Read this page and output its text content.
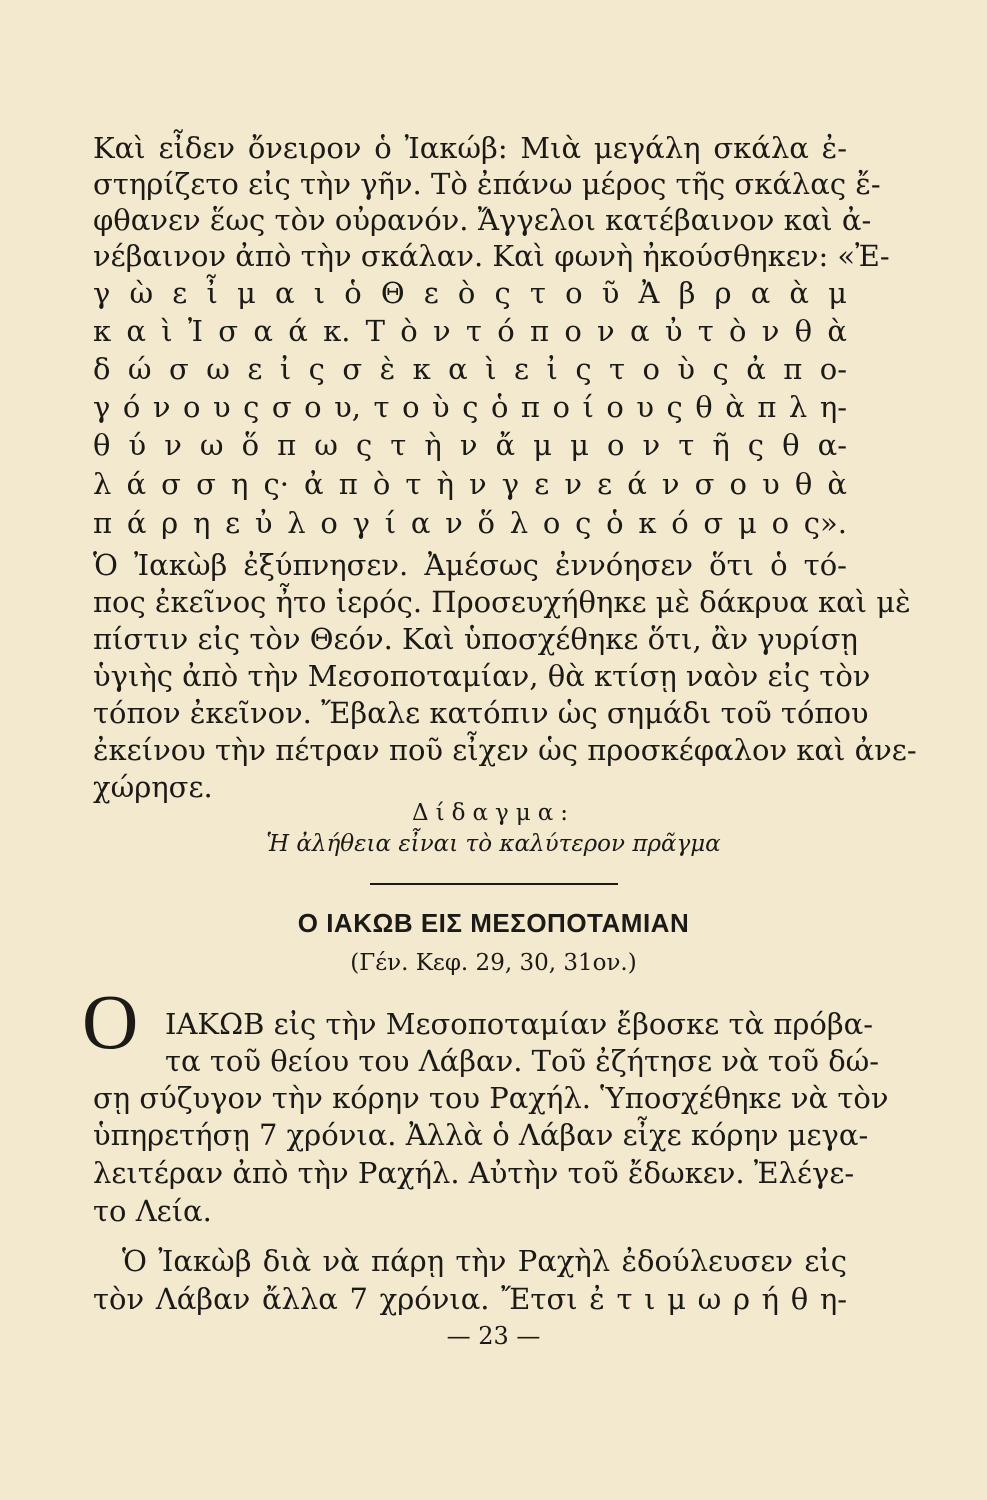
Καὶ εἶδεν ὄνειρον ὁ Ἰακώβ: Μιὰ μεγάλη σκάλα ἐ-
στηρίζετο εἰς τὴν γῆν. Τὸ ἐπάνω μέρος τῆς σκάλας ἔ-
φθανεν ἕως τὸν οὐρανόν. Ἄγγελοι κατέβαινον καὶ ἀ-
νέβαινον ἀπὸ τὴν σκάλαν. Καὶ φωνὴ ἠκούσθηκεν: «Ἐ-
γ ὼ ε ἶ μ α ι ὁ Θ ε ὸ ς τ ο ῦ Ἀ β ρ α ὰ μ
κ α ὶ Ἰ σ α ά κ. Τ ὸ ν τ ό π ο ν α ὐ τ ὸ ν θ ὰ
δ ώ σ ω ε ἰ ς σ ὲ κ α ὶ ε ἰ ς τ ο ὺ ς ἀ π ο-
γ ό ν ο υ ς σ ο υ, τ ο ὺ ς ὁ π ο ί ο υ ς θ ὰ π λ η-
θ ύ ν ω ὅ π ω ς τ ὴ ν ἄ μ μ ο ν τ ῆ ς θ α-
λ ά σ σ η ς· ἀ π ὸ τ ὴ ν γ ε ν ε ά ν σ ο υ θ ὰ
π ά ρ η ε ὐ λ ο γ ί α ν ὅ λ ο ς ὁ κ ό σ μ ο ς».
Ὁ Ἰακὼβ ἐξύπνησεν. Ἀμέσως ἐννόησεν ὅτι ὁ τό-
πος ἐκεῖνος ἦτο ἱερός. Προσευχήθηκε μὲ δάκρυα καὶ μὲ
πίστιν εἰς τὸν Θεόν. Καὶ ὑποσχέθηκε ὅτι, ἂν γυρίσῃ
ὑγιὴς ἀπὸ τὴν Μεσοποταμίαν, θὰ κτίσῃ ναὸν εἰς τὸν
τόπον ἐκεῖνον. Ἔβαλε κατόπιν ὡς σημάδι τοῦ τόπου
ἐκείνου τὴν πέτραν ποῦ εἶχεν ὡς προσκέφαλον καὶ ἀνε-
χώρησε.
Δίδαγμα:
Ἡ ἀλήθεια εἶναι τὸ καλύτερον πρᾶγμα
Ο ΙΑΚΩΒ ΕΙΣ ΜΕΣΟΠΟΤΑΜΙΑΝ
(Γέν. Κεφ. 29, 30, 31ον.)
Ο ΙΑΚΩΒ εἰς τὴν Μεσοποταμίαν ἔβοσκε τὰ πρόβα-
τα τοῦ θείου του Λάβαν. Τοῦ ἐζήτησε νὰ τοῦ δώ-
σῃ σύζυγον τὴν κόρην του Ραχήλ. Ὑποσχέθηκε νὰ τὸν
ὑπηρετήσῃ 7 χρόνια. Ἀλλὰ ὁ Λάβαν εἶχε κόρην μεγα-
λειτέραν ἀπὸ τὴν Ραχήλ. Αὐτὴν τοῦ ἔδωκεν. Ἐλέγε-
το Λεία.
Ὁ Ἰακὼβ διὰ νὰ πάρῃ τὴν Ραχὴλ ἐδούλευσεν εἰς
τὸν Λάβαν ἄλλα 7 χρόνια. Ἔτσι ἐ τ ι μ ω ρ ή θ η-
— 23 —
